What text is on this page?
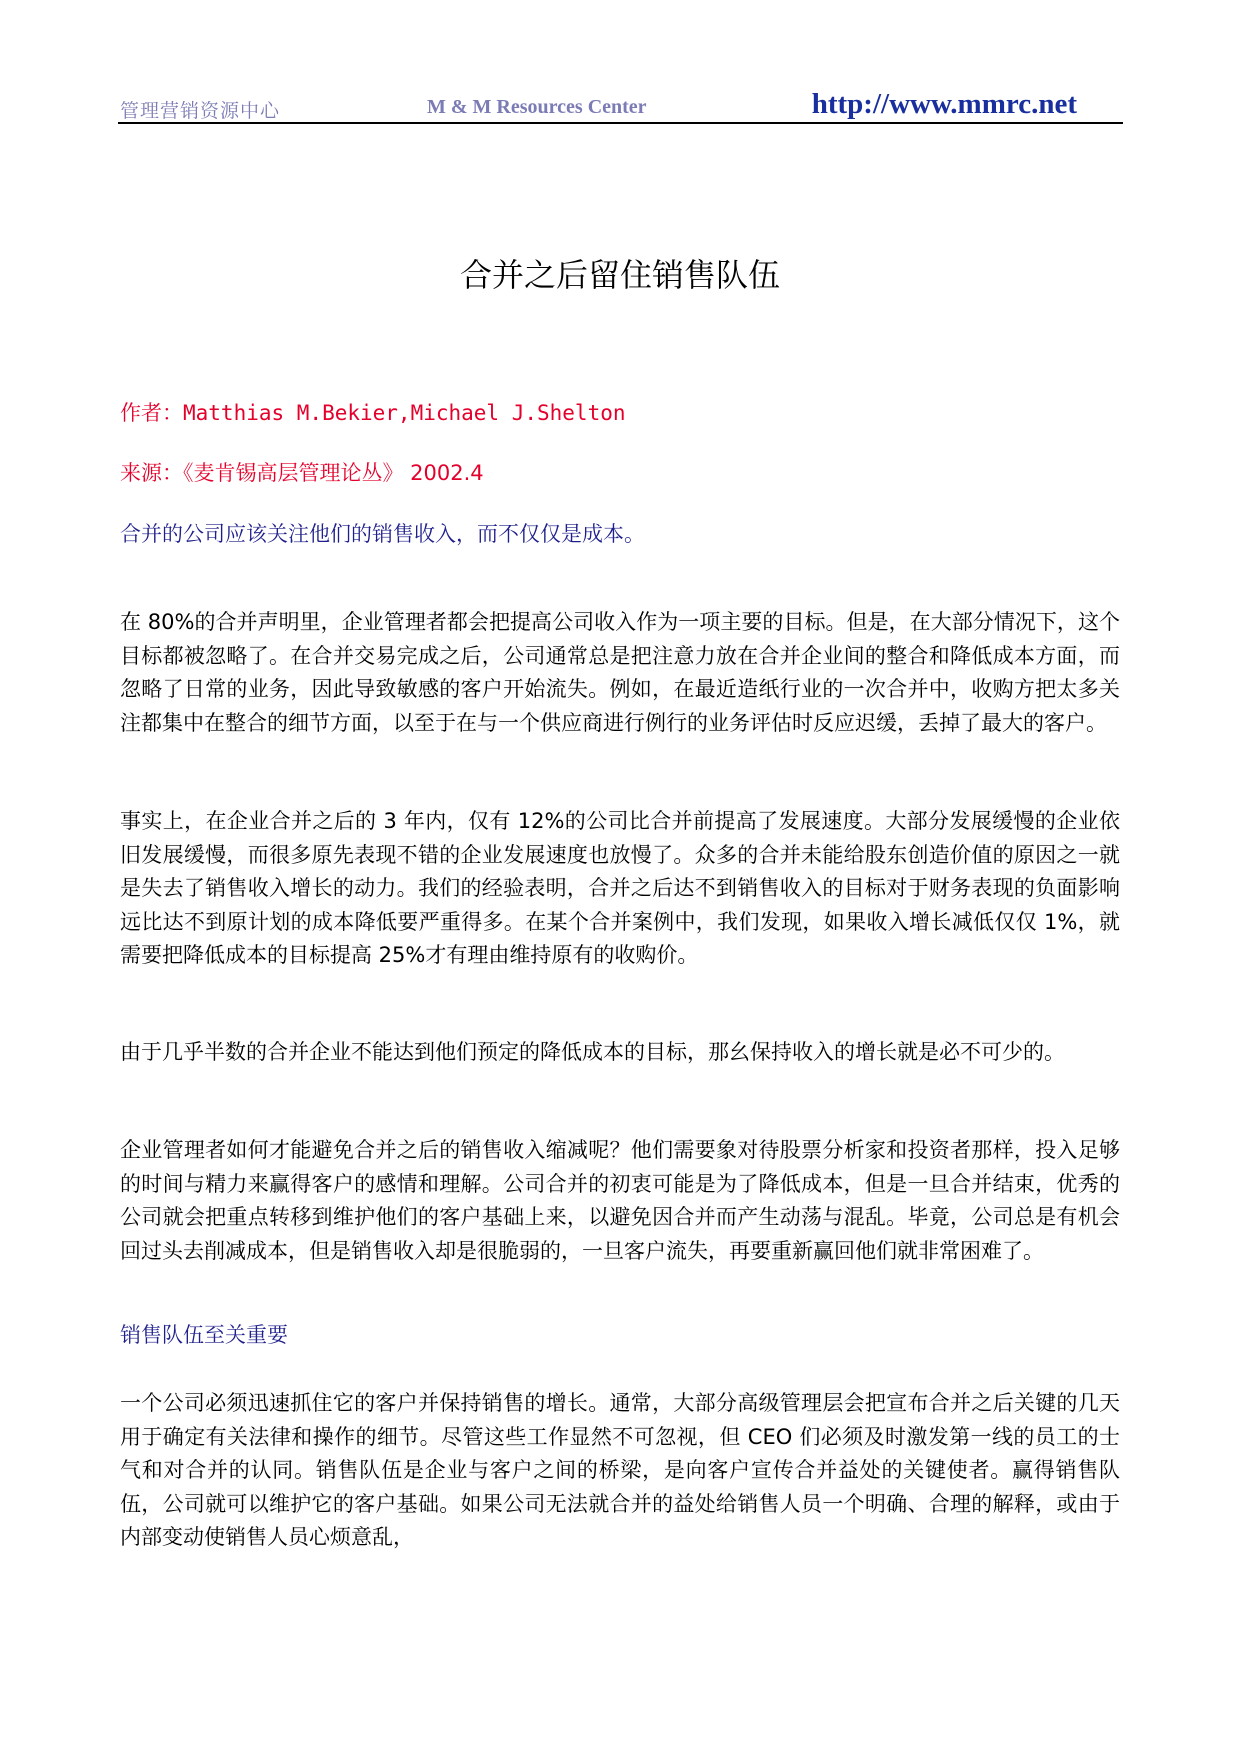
管理营销资源中心	M & M Resources Center	http://www.mmrc.net
合并之后留住销售队伍
作者：Matthias M.Bekier,Michael J.Shelton
来源：《麦肯锡高层管理论丛》 2002.4
合并的公司应该关注他们的销售收入，而不仅仅是成本。

在 80%的合并声明里，企业管理者都会把提高公司收入作为一项主要的目标。但是，在大部分情况下，这个目标都被忽略了。在合并交易完成之后，公司通常总是把注意力放在合并企业间的整合和降低成本方面，而忽略了日常的业务，因此导致敏感的客户开始流失。例如，在最近造纸行业的一次合并中，收购方把太多关注都集中在整合的细节方面，以至于在与一个供应商进行例行的业务评估时反应迟缓，丢掉了最大的客户。

事实上，在企业合并之后的 3 年内，仅有 12%的公司比合并前提高了发展速度。大部分发展缓慢的企业依旧发展缓慢，而很多原先表现不错的企业发展速度也放慢了。众多的合并未能给股东创造价值的原因之一就是失去了销售收入增长的动力。我们的经验表明，合并之后达不到销售收入的目标对于财务表现的负面影响远比达不到原计划的成本降低要严重得多。在某个合并案例中，我们发现，如果收入增长减低仅仅 1%，就需要把降低成本的目标提高 25%才有理由维持原有的收购价。

由于几乎半数的合并企业不能达到他们预定的降低成本的目标，那幺保持收入的增长就是必不可少的。

企业管理者如何才能避免合并之后的销售收入缩减呢？他们需要象对待股票分析家和投资者那样，投入足够的时间与精力来赢得客户的感情和理解。公司合并的初衷可能是为了降低成本，但是一旦合并结束，优秀的公司就会把重点转移到维护他们的客户基础上来，以避免因合并而产生动荡与混乱。毕竟，公司总是有机会回过头去削减成本，但是销售收入却是很脆弱的，一旦客户流失，再要重新赢回他们就非常困难了。

销售队伍至关重要

一个公司必须迅速抓住它的客户并保持销售的增长。通常，大部分高级管理层会把宣布合并之后关键的几天用于确定有关法律和操作的细节。尽管这些工作显然不可忽视，但 CEO 们必须及时激发第一线的员工的士气和对合并的认同。销售队伍是企业与客户之间的桥梁，是向客户宣传合并益处的关键使者。赢得销售队伍，公司就可以维护它的客户基础。如果公司无法就合并的益处给销售人员一个明确、合理的解释，或由于内部变动使销售人员心烦意乱，
